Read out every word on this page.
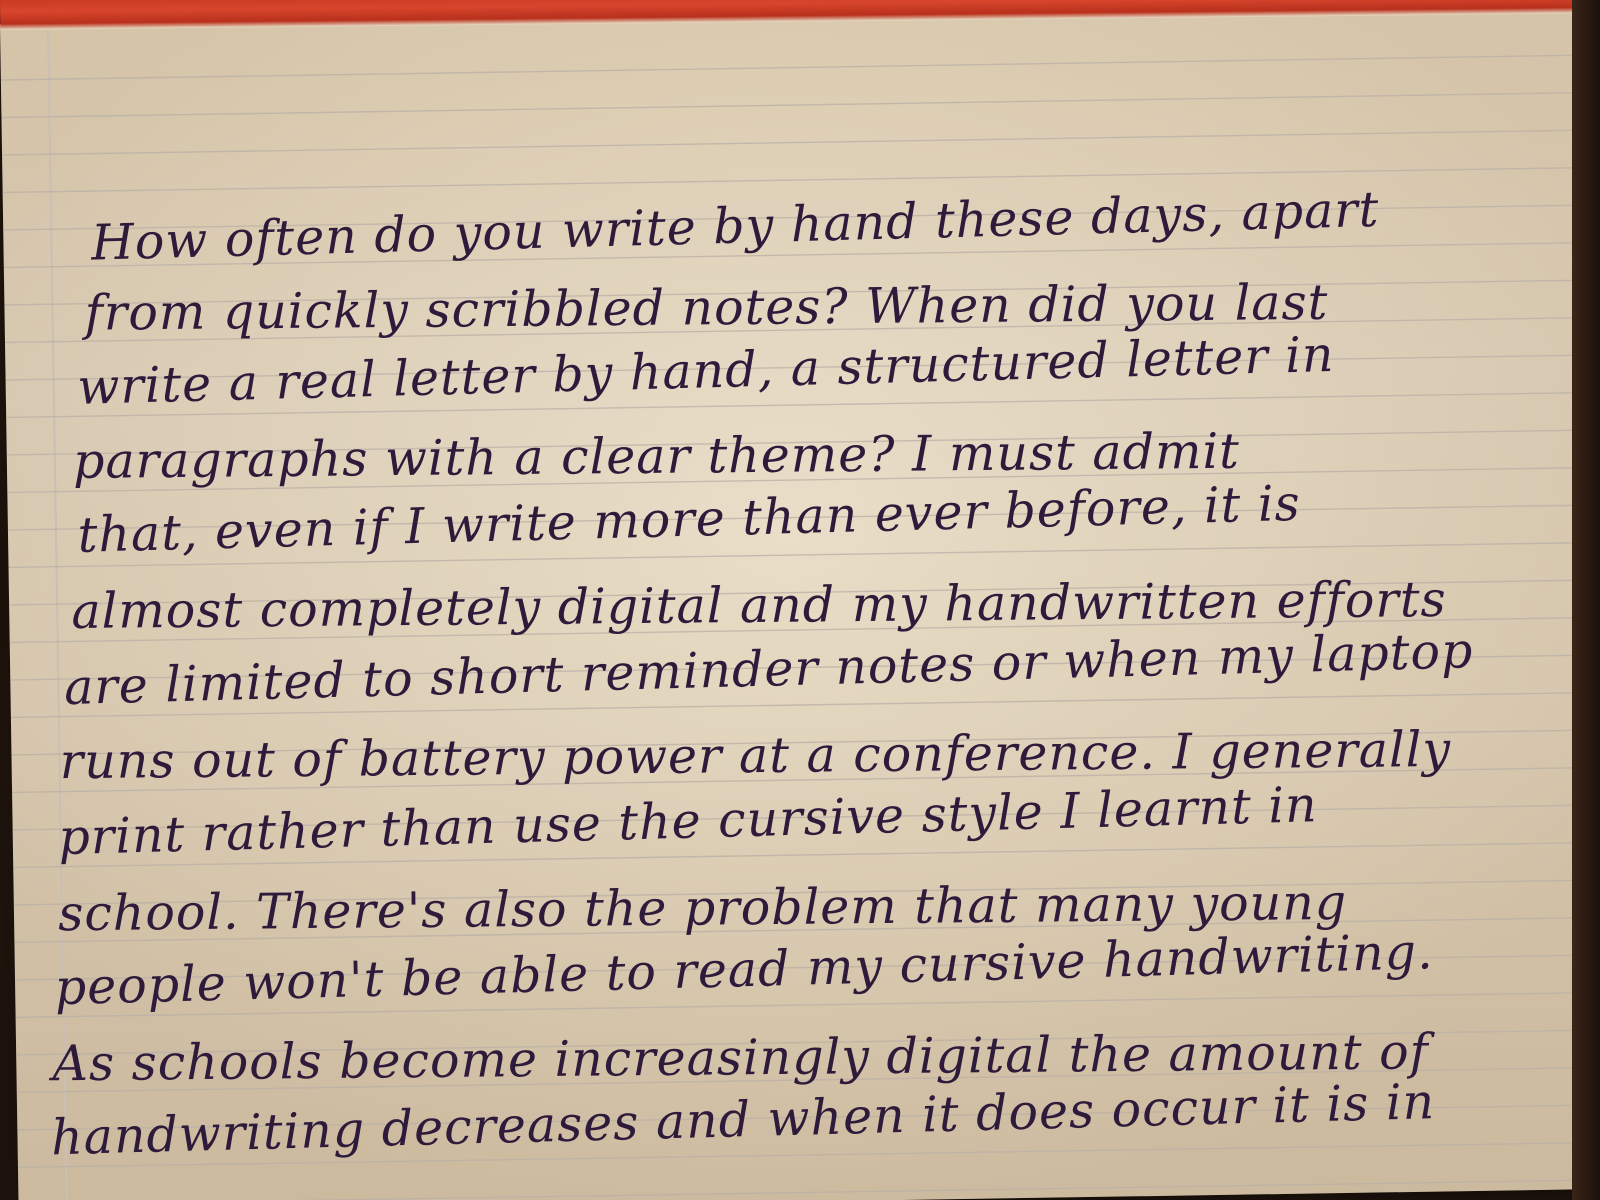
How often do you write by hand these days, apart
from quickly scribbled notes? When did you last
write a real letter by hand, a structured letter in
paragraphs with a clear theme? I must admit
that, even if I write more than ever before, it is
almost completely digital and my handwritten efforts
are limited to short reminder notes or when my laptop
runs out of battery power at a conference. I generally
print rather than use the cursive style I learnt in
school. There's also the problem that many young
people won't be able to read my cursive handwriting.
As schools become increasingly digital the amount of
handwriting decreases and when it does occur it is in
